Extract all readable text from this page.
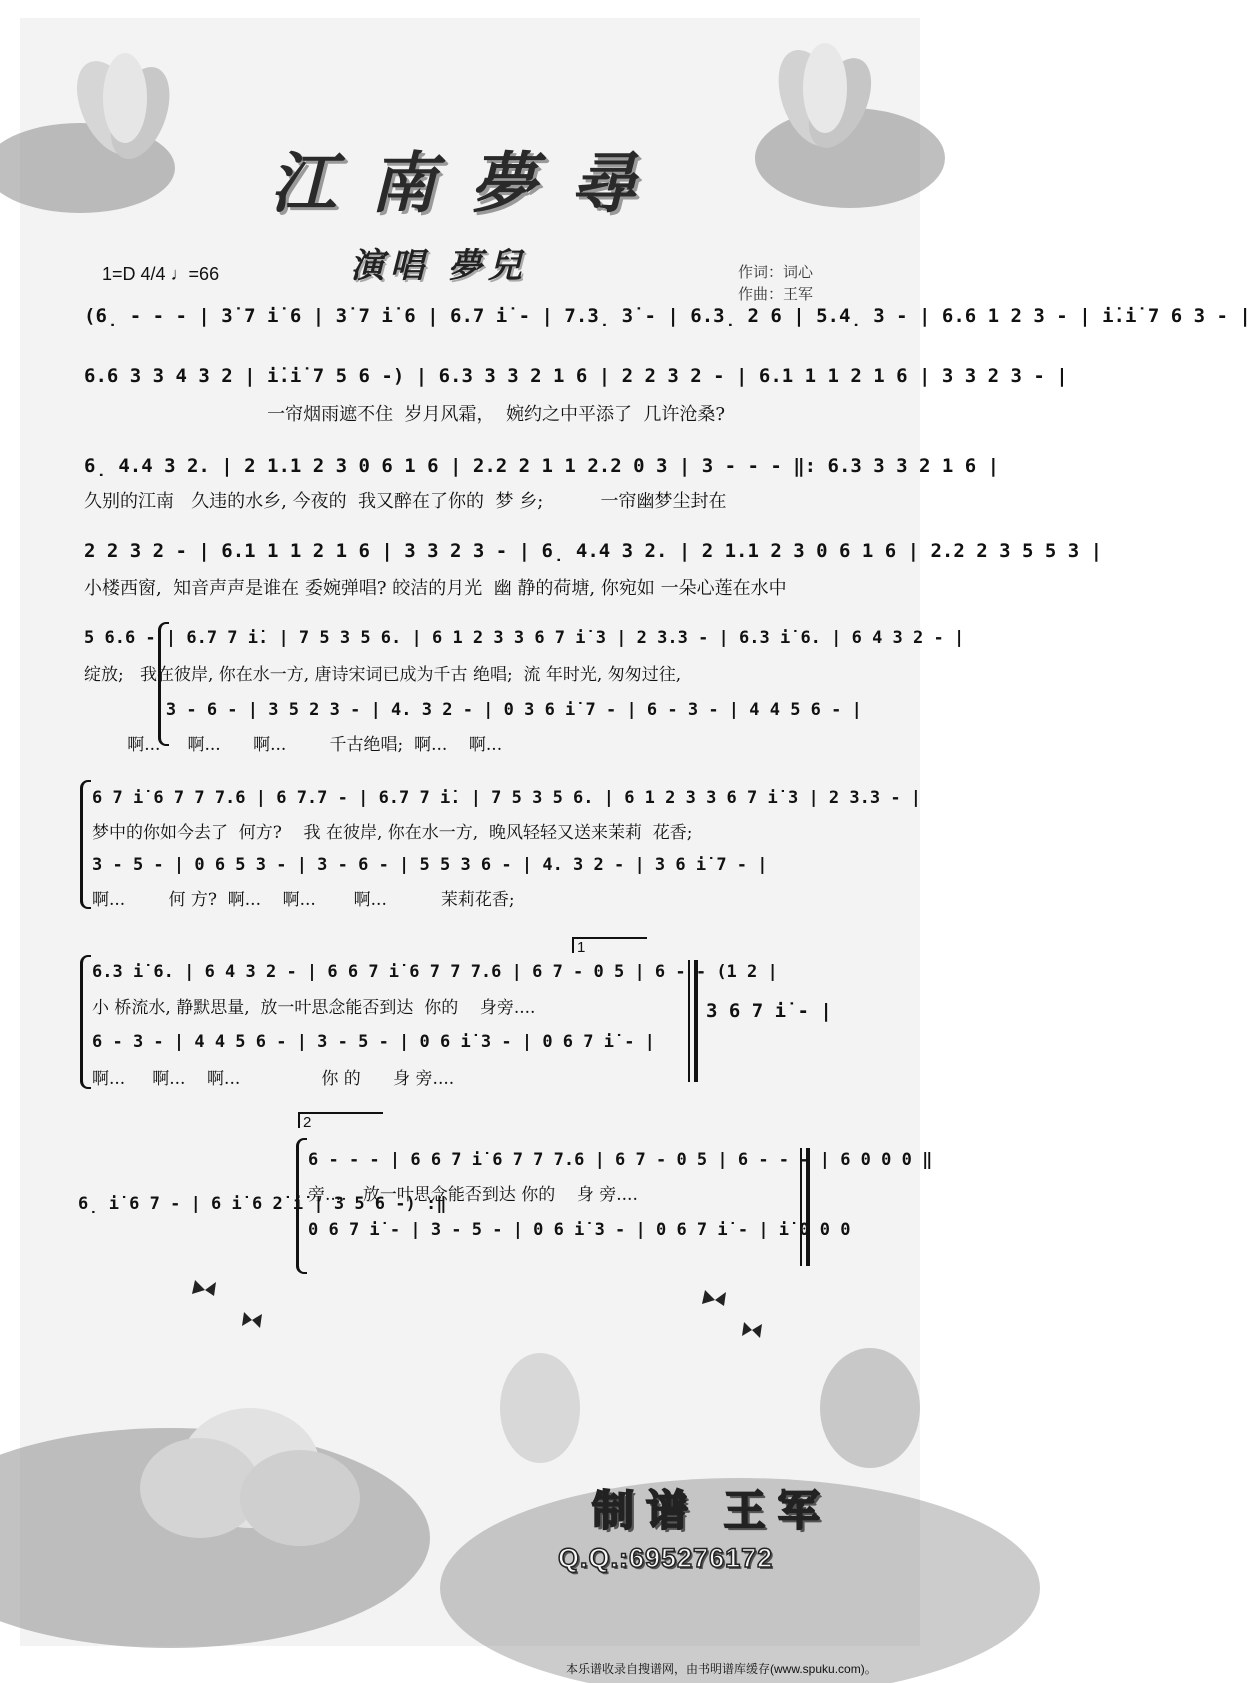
江南夢尋
演唱 夢兒
1=D 4/4 ♩=66	作词：词心
作曲：王军
(6̣ - - - | 3̇ 7 i̇ 6 | 3̇ 7 i̇ 6 | 6.7 i̇ - | 7.3̣ 3̇ - | 6.3̣ 2 6 | 5.4̣ 3 - | 6.6 1 2 3 - | i̇.i̇ 7 6 3 - |
6.6 3 3 4 3 2 | i̇.i̇ 7 5 6 -) | 6.3 3 3 2 1 6 | 2 2 3 2 - | 6.1 1 1 2 1 6 | 3 3 2 3 - |
一帘烟雨遮不住  岁月风霜，  婉约之中平添了  几许沧桑?
6̣ 4.4 3 2. | 2 1.1 2 3 0 6 1 6 | 2.2 2 1 1 2.2 0 3 | 3 - - - ‖: 6.3 3 3 2 1 6 |
久别的江南   久违的水乡, 今夜的  我又醉在了你的  梦 乡;          一帘幽梦尘封在
2 2 3 2 - | 6.1 1 1 2 1 6 | 3 3 2 3 - | 6̣ 4.4 3 2. | 2 1.1 2 3 0 6 1 6 | 2.2 2 3 5 5 3 |
小楼西窗,  知音声声是谁在 委婉弹唱? 皎洁的月光  幽 静的荷塘, 你宛如 一朵心莲在水中
5 6.6 - | 6.7 7 i̇. | 7 5 3 5 6. | 6 1 2 3 3 6 7 i̇ 3 | 2 3.3 - | 6.3 i̇ 6. | 6 4 3 2 - |
绽放;   我在彼岸, 你在水一方, 唐诗宋词已成为千古 绝唱;  流 年时光, 匆匆过往,
3 - 6 - | 3 5 2 3 - | 4. 3 2 - | 0 3 6 i̇ 7 - | 6 - 3 - | 4 4 5 6 - |
啊...     啊...      啊...        千古绝唱;  啊...    啊...
6 7 i̇ 6 7 7 7.6 | 6 7.7 - | 6.7 7 i̇. | 7 5 3 5 6. | 6 1 2 3 3 6 7 i̇ 3 | 2 3.3 - |
梦中的你如今去了  何方?    我 在彼岸, 你在水一方,  晚风轻轻又送来茉莉  花香;
3 - 5 - | 0 6 5 3 - | 3 - 6 - | 5 5 3 6 - | 4. 3 2 - | 3 6 i̇ 7 - |
啊...        何 方?  啊...    啊...       啊...          茉莉花香;
1
6.3 i̇ 6. | 6 4 3 2 - | 6 6 7 i̇ 6 7 7 7.6 | 6 7 - 0 5 | 6 - - (1 2 |
小 桥流水, 静默思量,  放一叶思念能否到达  你的    身旁....
6 - 3 - | 4 4 5 6 - | 3 - 5 - | 0 6 i̇ 3 - | 0 6 7 i̇ - |
啊...     啊...    啊...               你 的      身 旁....
3 6 7 i̇ - |
2
6̣ i̇ 6 7 - | 6 i̇ 6 2̇ i̇ | 3 5 6 -) :‖
6 - - - | 6 6 7 i̇ 6 7 7 7.6 | 6 7 - 0 5 | 6 - - - | 6 0 0 0 ‖
旁....   放一叶思念能否到达 你的    身 旁....
0 6 7 i̇ - | 3 - 5 - | 0 6 i̇ 3 - | 0 6 7 i̇ - | i̇ 0 0 0
制谱 王军
Q.Q.:695276172
本乐谱收录自搜谱网，由书明谱库缓存(www.spuku.com)。
